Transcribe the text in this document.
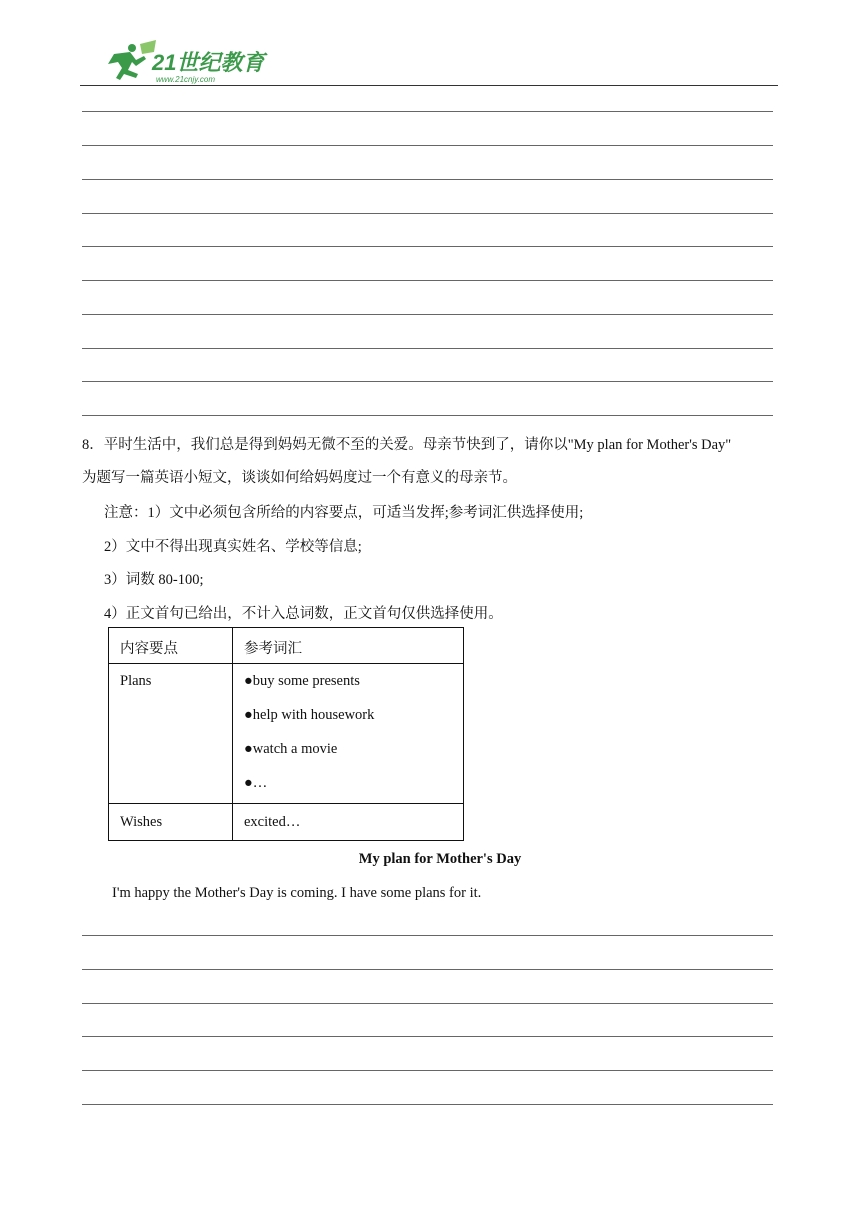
21世纪教育
www.21cnjy.com
8．平时生活中，我们总是得到妈妈无微不至的关爱。母亲节快到了，请你以"My plan for Mother's Day"
为题写一篇英语小短文，谈谈如何给妈妈度过一个有意义的母亲节。
注意：1）文中必须包含所给的内容要点，可适当发挥;参考词汇供选择使用;
2）文中不得出现真实姓名、学校等信息;
3）词数 80-100;
4）正文首句已给出，不计入总词数，正文首句仅供选择使用。
内容要点	参考词汇
Plans	●buy some presents
●help with housework
●watch a movie
●…

Wishes	excited…
My plan for Mother's Day
I'm happy the Mother's Day is coming. I have some plans for it.
